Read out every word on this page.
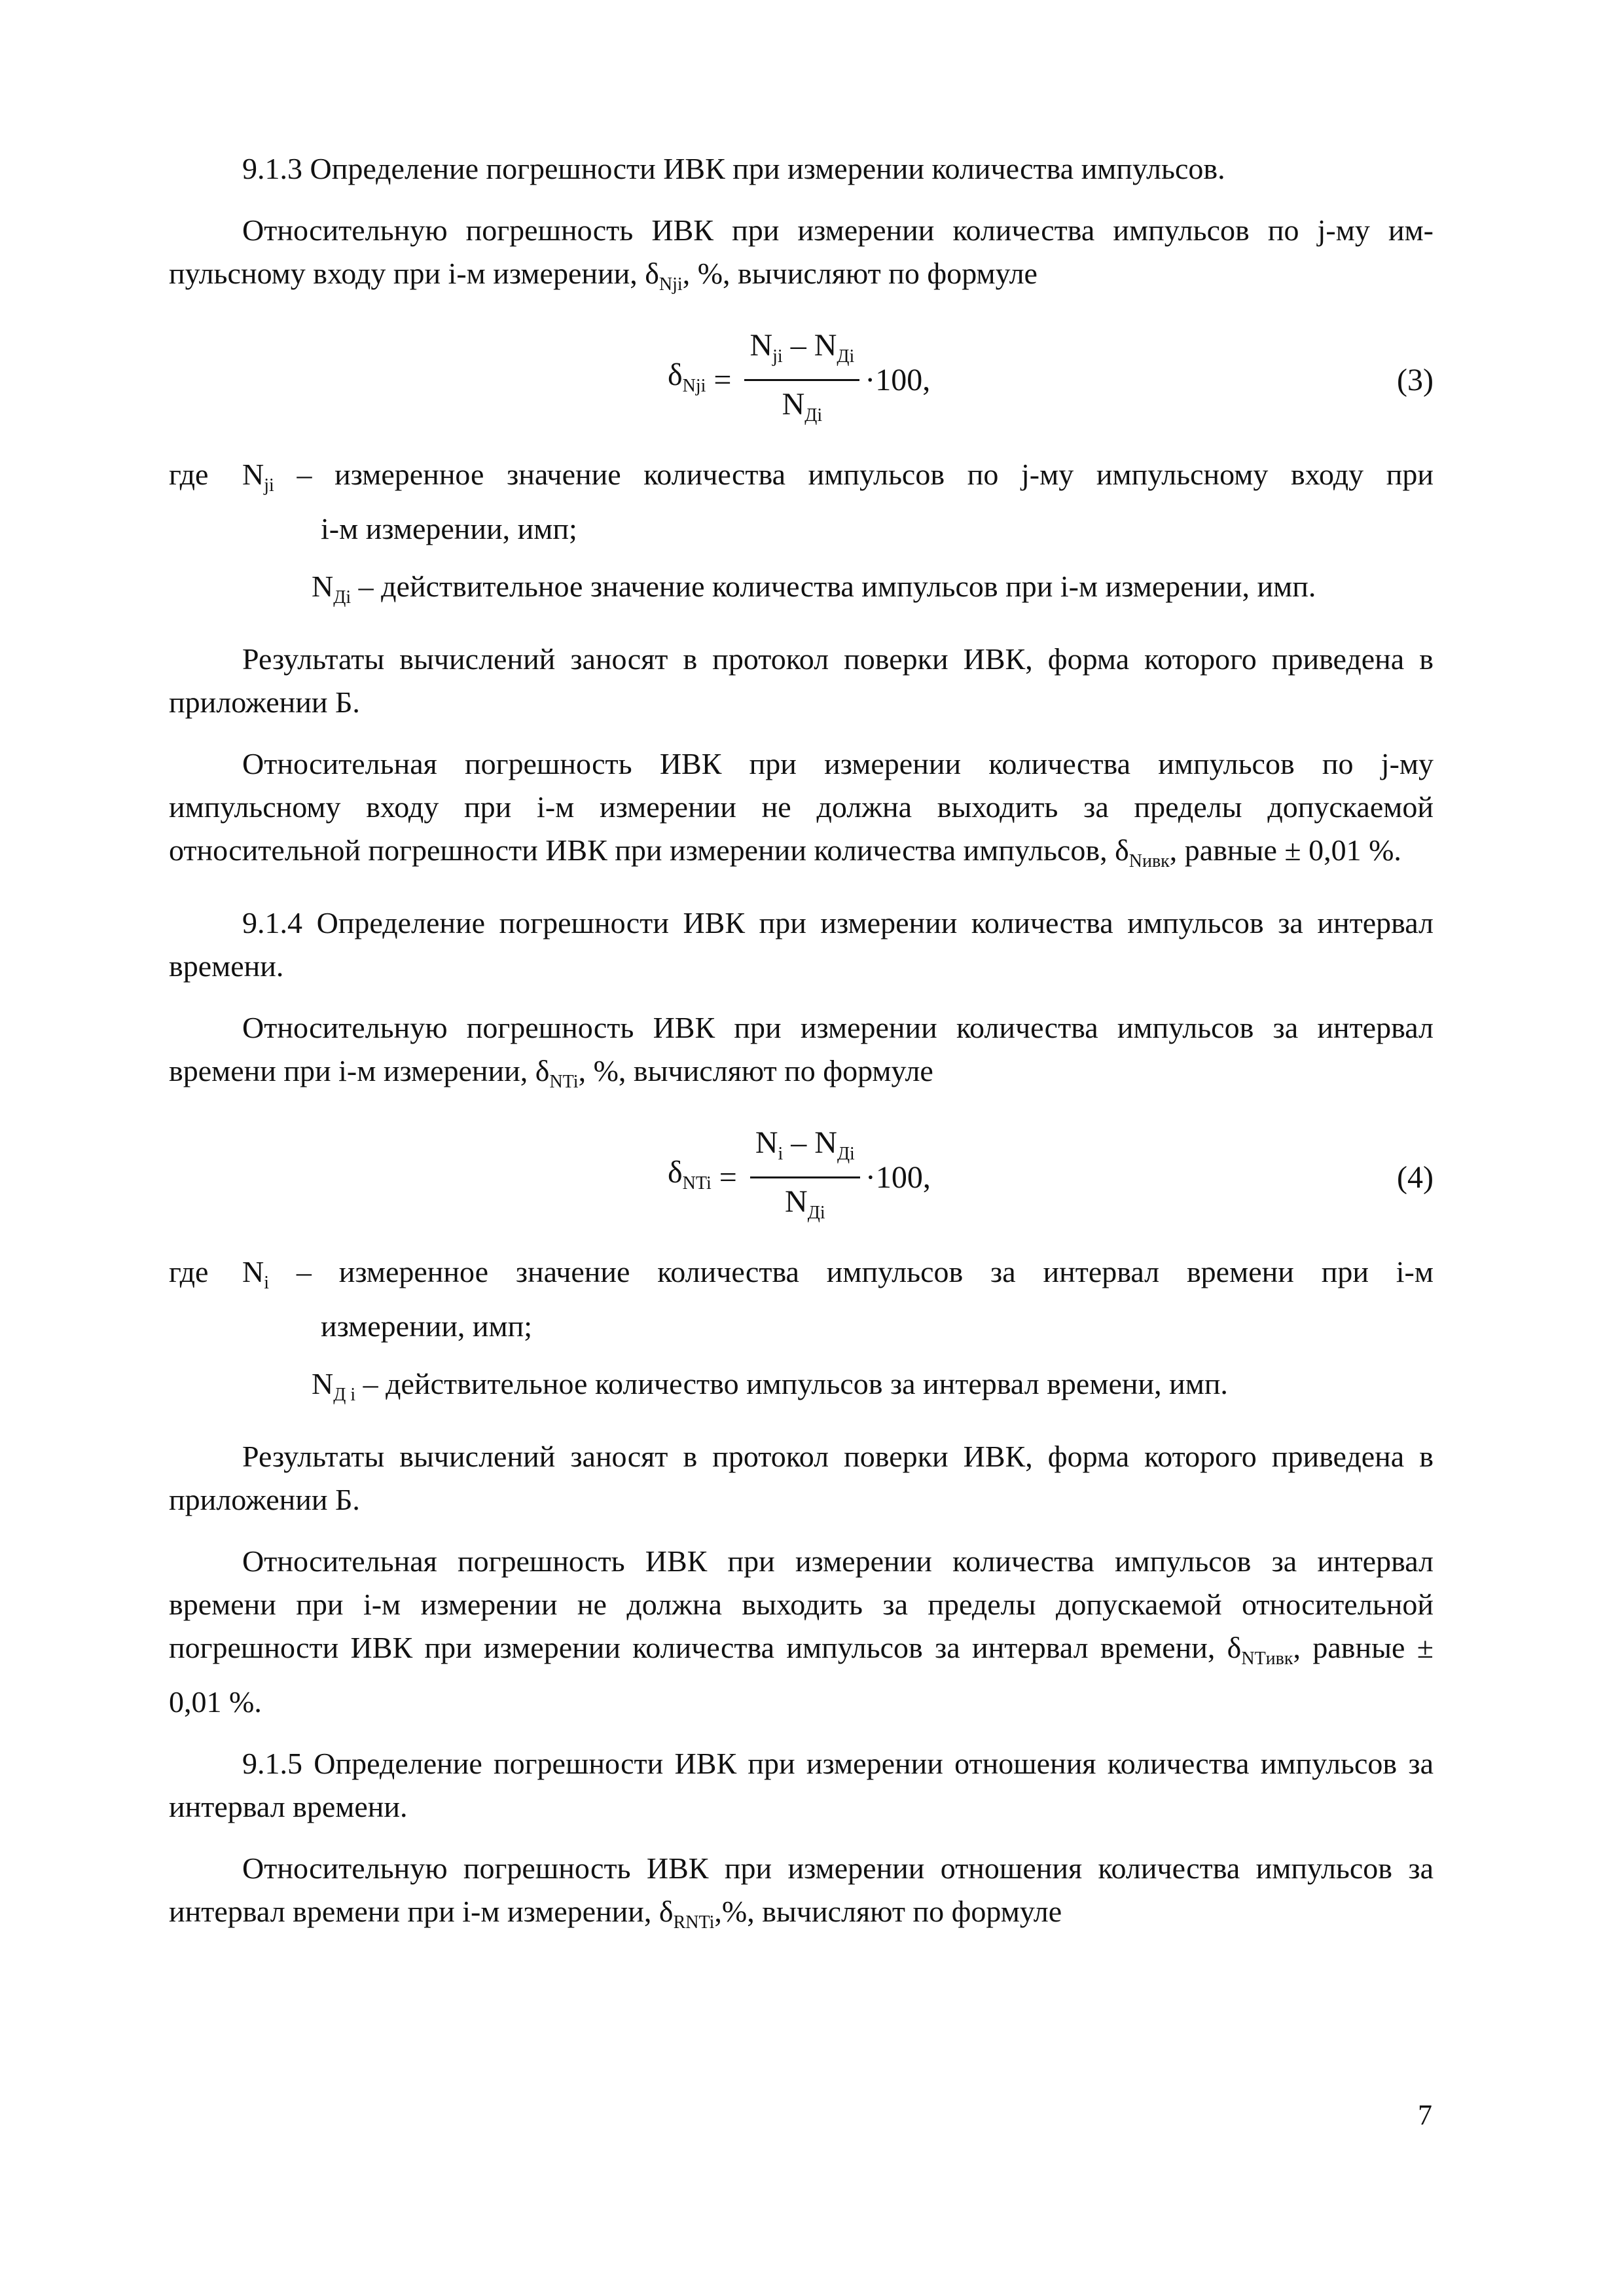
9.1.3 Определение погрешности ИВК при измерении количества импульсов.

Относительную погрешность ИВК при измерении количества импульсов по j-му им-
пульсному входу при i-м измерении, $\delta_{Nji}$, %, вычисляют по формуле
$\delta_{Nji} = \frac{N_{ji} - N_{Дi}}{N_{Дi}} \cdot 100$,	(3)
где	$N_{ji}$ – измеренное значение количества импульсов по j-му импульсному входу при
i-м измерении, имп;
$N_{Дi}$ – действительное значение количества импульсов при i-м измерении, имп.

Результаты вычислений заносят в протокол поверки ИВК, форма которого приведена в приложении Б.

Относительная погрешность ИВК при измерении количества импульсов по j-му импульсному входу при i-м измерении не должна выходить за пределы допускаемой относительной погрешности ИВК при измерении количества импульсов, $\delta_{Nивк}$, равные ± 0,01 %.

9.1.4 Определение погрешности ИВК при измерении количества импульсов за интервал времени.

Относительную погрешность ИВК при измерении количества импульсов за интервал времени при i-м измерении, $\delta_{NTi}$, %, вычисляют по формуле

$\delta_{NTi} = \frac{N_i - N_{Дi}}{N_{Дi}} \cdot 100$,	(4)
где	$N_i$ – измеренное значение количества импульсов за интервал времени при i-м
измерении, имп;
$N_{Д i}$ – действительное количество импульсов за интервал времени, имп.

Результаты вычислений заносят в протокол поверки ИВК, форма которого приведена в приложении Б.

Относительная погрешность ИВК при измерении количества импульсов за интервал времени при i-м измерении не должна выходить за пределы допускаемой относительной погрешности ИВК при измерении количества импульсов за интервал времени, $\delta_{NTивк}$, равные ± 0,01 %.

9.1.5 Определение погрешности ИВК при измерении отношения количества импульсов за интервал времени.

Относительную погрешность ИВК при измерении отношения количества импульсов за интервал времени при i-м измерении, $\delta_{RNTi},\%$, вычисляют по формуле

7
